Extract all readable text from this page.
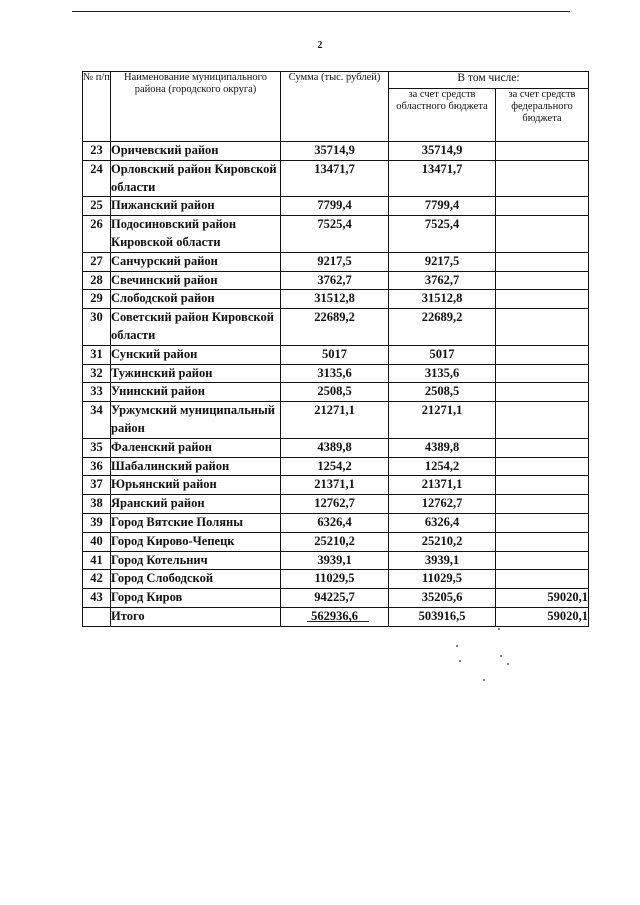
2
№ п/п	Наименование муниципального района (городского округа)	Сумма (тыс. рублей)	В том числе:	
			за счет средств областного бюджета	за счет средств федерального бюджета
23	Оричевский район	35714,9	35714,9	
24	Орловский район Кировской области	13471,7	13471,7	
25	Пижанский район	7799,4	7799,4	
26	Подосиновский район Кировской области	7525,4	7525,4	
27	Санчурский район	9217,5	9217,5	
28	Свечинский район	3762,7	3762,7	
29	Слободской район	31512,8	31512,8	
30	Советский район Кировской области	22689,2	22689,2	
31	Сунский район	5017	5017	
32	Тужинский район	3135,6	3135,6	
33	Унинский район	2508,5	2508,5	
34	Уржумский муниципальный район	21271,1	21271,1	
35	Фаленский район	4389,8	4389,8	
36	Шабалинский район	1254,2	1254,2	
37	Юрьянский район	21371,1	21371,1	
38	Яранский район	12762,7	12762,7	
39	Город Вятские Поляны	6326,4	6326,4	
40	Город Кирово-Чепецк	25210,2	25210,2	
41	Город Котельнич	3939,1	3939,1	
42	Город Слободской	11029,5	11029,5	
43	Город Киров	94225,7	35205,6	59020,1
	Итого	562936,6	503916,5	59020,1
